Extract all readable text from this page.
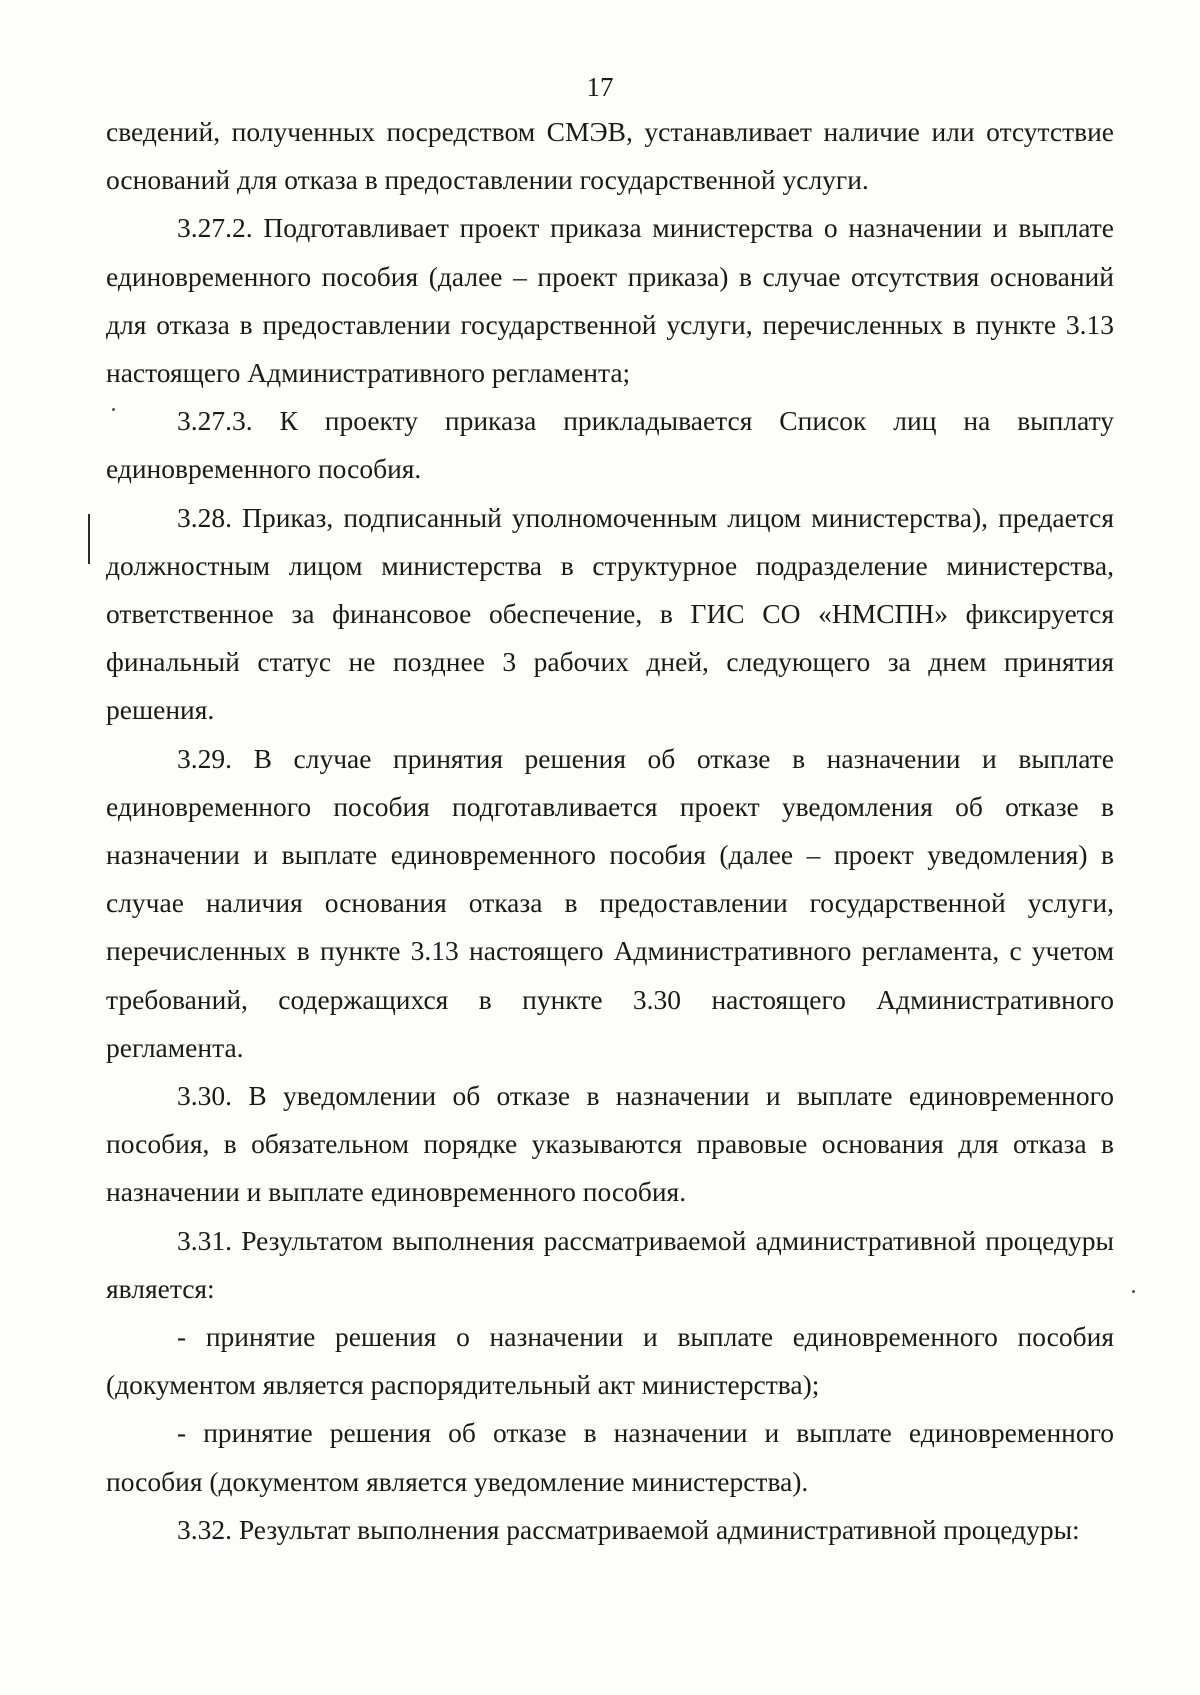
17

сведений, полученных посредством СМЭВ, устанавливает наличие или отсутствие оснований для отказа в предоставлении государственной услуги.

3.27.2. Подготавливает проект приказа министерства о назначении и выплате единовременного пособия (далее – проект приказа) в случае отсутствия оснований для отказа в предоставлении государственной услуги, перечисленных в пункте 3.13 настоящего Административного регламента;

3.27.3. К проекту приказа прикладывается Список лиц на выплату единовременного пособия.

3.28. Приказ, подписанный уполномоченным лицом министерства), предается должностным лицом министерства в структурное подразделение министерства, ответственное за финансовое обеспечение, в ГИС СО «НМСПН» фиксируется финальный статус не позднее 3 рабочих дней, следующего за днем принятия решения.

3.29. В случае принятия решения об отказе в назначении и выплате единовременного пособия подготавливается проект уведомления об отказе в назначении и выплате единовременного пособия (далее – проект уведомления) в случае наличия основания отказа в предоставлении государственной услуги, перечисленных в пункте 3.13 настоящего Административного регламента, с учетом требований, содержащихся в пункте 3.30 настоящего Административного регламента.

3.30. В уведомлении об отказе в назначении и выплате единовременного пособия, в обязательном порядке указываются правовые основания для отказа в назначении и выплате единовременного пособия.

3.31. Результатом выполнения рассматриваемой административной процедуры является:

- принятие решения о назначении и выплате единовременного пособия (документом является распорядительный акт министерства);

- принятие решения об отказе в назначении и выплате единовременного пособия (документом является уведомление министерства).

3.32. Результат выполнения рассматриваемой административной процедуры:
